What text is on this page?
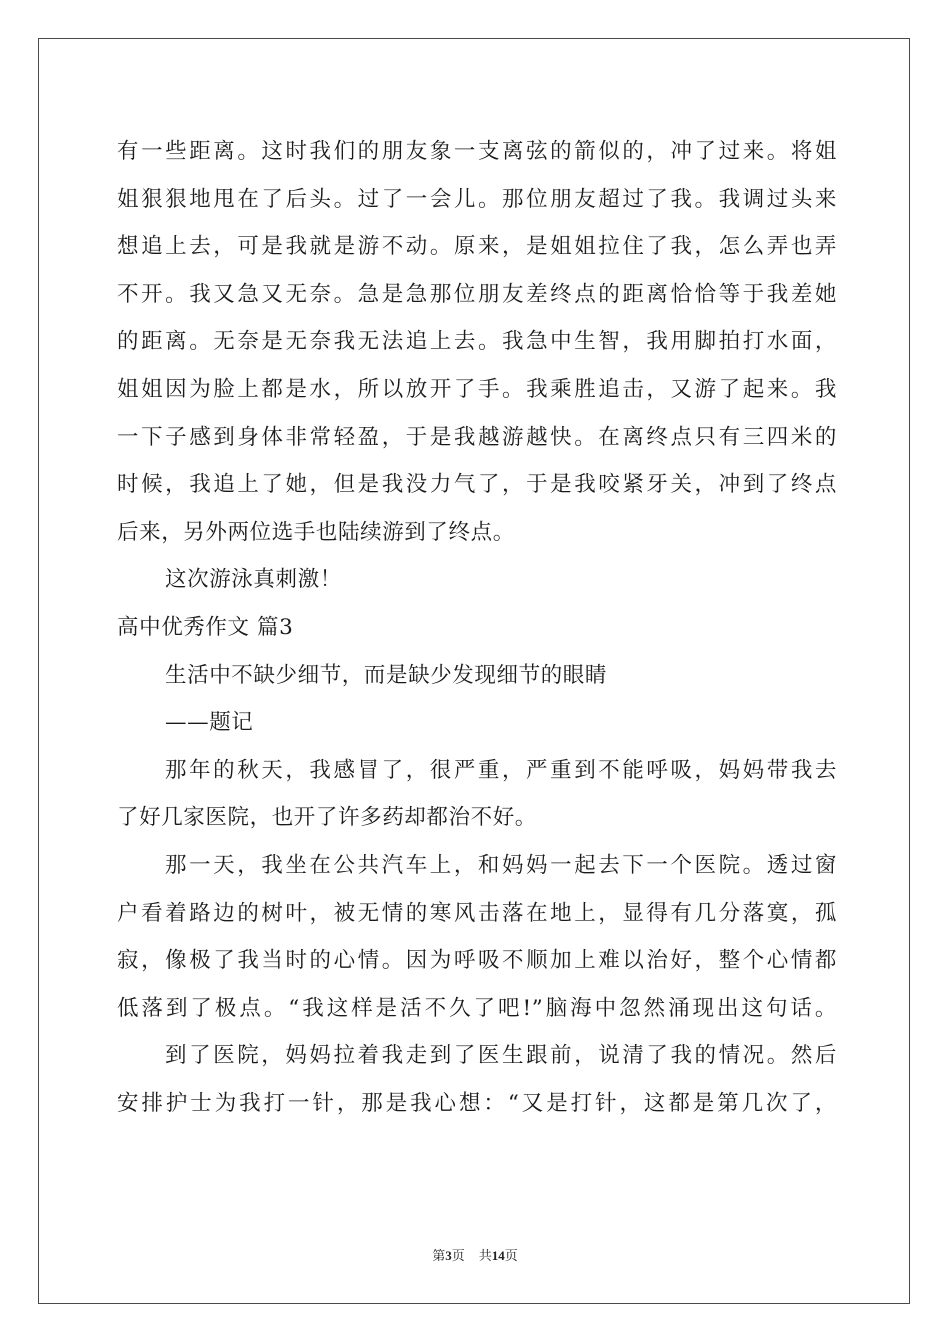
有一些距离。这时我们的朋友象一支离弦的箭似的，冲了过来。将姐
姐狠狠地甩在了后头。过了一会儿。那位朋友超过了我。我调过头来
想追上去，可是我就是游不动。原来，是姐姐拉住了我，怎么弄也弄
不开。我又急又无奈。急是急那位朋友差终点的距离恰恰等于我差她
的距离。无奈是无奈我无法追上去。我急中生智，我用脚拍打水面，
姐姐因为脸上都是水，所以放开了手。我乘胜追击，又游了起来。我
一下子感到身体非常轻盈，于是我越游越快。在离终点只有三四米的
时候，我追上了她，但是我没力气了，于是我咬紧牙关，冲到了终点
后来，另外两位选手也陆续游到了终点。
这次游泳真刺激！
高中优秀作文 篇3
生活中不缺少细节，而是缺少发现细节的眼睛
——题记
那年的秋天，我感冒了，很严重，严重到不能呼吸，妈妈带我去
了好几家医院，也开了许多药却都治不好。
那一天，我坐在公共汽车上，和妈妈一起去下一个医院。透过窗
户看着路边的树叶，被无情的寒风击落在地上，显得有几分落寞，孤
寂，像极了我当时的心情。因为呼吸不顺加上难以治好，整个心情都
低落到了极点。“我这样是活不久了吧!”脑海中忽然涌现出这句话。
到了医院，妈妈拉着我走到了医生跟前，说清了我的情况。然后
安排护士为我打一针，那是我心想：“又是打针，这都是第几次了，
第3页 共14页
